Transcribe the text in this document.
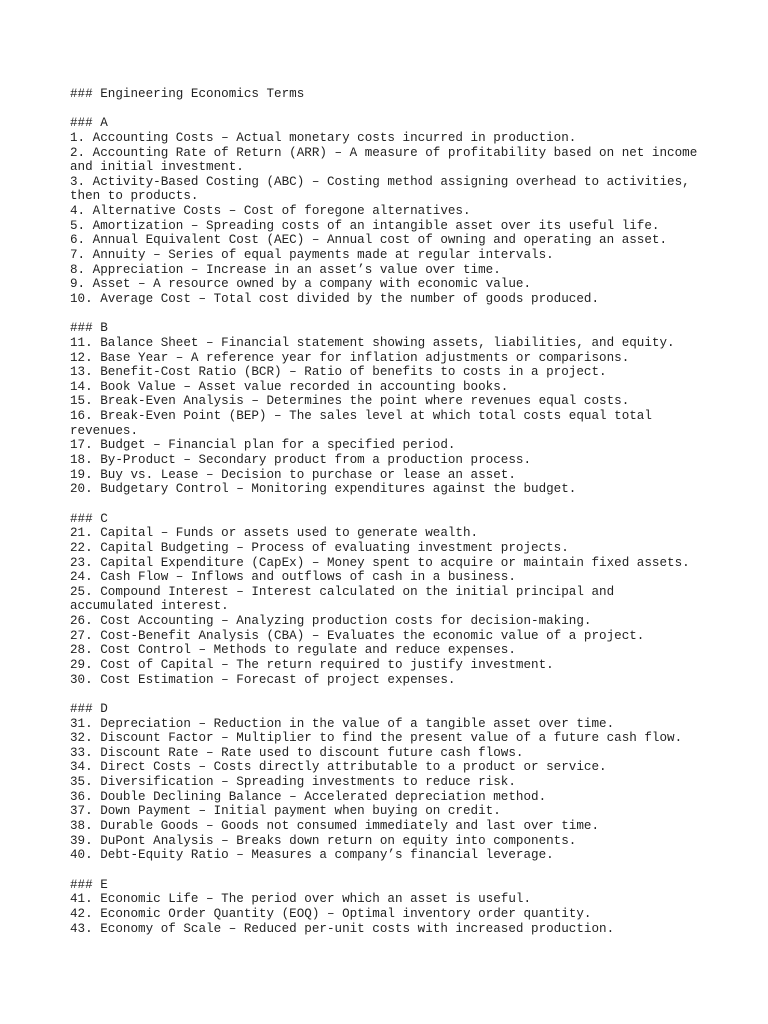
### Engineering Economics Terms
### A
1. Accounting Costs – Actual monetary costs incurred in production.
2. Accounting Rate of Return (ARR) – A measure of profitability based on net income
and initial investment.
3. Activity-Based Costing (ABC) – Costing method assigning overhead to activities,
then to products.
4. Alternative Costs – Cost of foregone alternatives.
5. Amortization – Spreading costs of an intangible asset over its useful life.
6. Annual Equivalent Cost (AEC) – Annual cost of owning and operating an asset.
7. Annuity – Series of equal payments made at regular intervals.
8. Appreciation – Increase in an asset’s value over time.
9. Asset – A resource owned by a company with economic value.
10. Average Cost – Total cost divided by the number of goods produced.
### B
11. Balance Sheet – Financial statement showing assets, liabilities, and equity.
12. Base Year – A reference year for inflation adjustments or comparisons.
13. Benefit-Cost Ratio (BCR) – Ratio of benefits to costs in a project.
14. Book Value – Asset value recorded in accounting books.
15. Break-Even Analysis – Determines the point where revenues equal costs.
16. Break-Even Point (BEP) – The sales level at which total costs equal total
revenues.
17. Budget – Financial plan for a specified period.
18. By-Product – Secondary product from a production process.
19. Buy vs. Lease – Decision to purchase or lease an asset.
20. Budgetary Control – Monitoring expenditures against the budget.
### C
21. Capital – Funds or assets used to generate wealth.
22. Capital Budgeting – Process of evaluating investment projects.
23. Capital Expenditure (CapEx) – Money spent to acquire or maintain fixed assets.
24. Cash Flow – Inflows and outflows of cash in a business.
25. Compound Interest – Interest calculated on the initial principal and
accumulated interest.
26. Cost Accounting – Analyzing production costs for decision-making.
27. Cost-Benefit Analysis (CBA) – Evaluates the economic value of a project.
28. Cost Control – Methods to regulate and reduce expenses.
29. Cost of Capital – The return required to justify investment.
30. Cost Estimation – Forecast of project expenses.
### D
31. Depreciation – Reduction in the value of a tangible asset over time.
32. Discount Factor – Multiplier to find the present value of a future cash flow.
33. Discount Rate – Rate used to discount future cash flows.
34. Direct Costs – Costs directly attributable to a product or service.
35. Diversification – Spreading investments to reduce risk.
36. Double Declining Balance – Accelerated depreciation method.
37. Down Payment – Initial payment when buying on credit.
38. Durable Goods – Goods not consumed immediately and last over time.
39. DuPont Analysis – Breaks down return on equity into components.
40. Debt-Equity Ratio – Measures a company’s financial leverage.
### E
41. Economic Life – The period over which an asset is useful.
42. Economic Order Quantity (EOQ) – Optimal inventory order quantity.
43. Economy of Scale – Reduced per-unit costs with increased production.
